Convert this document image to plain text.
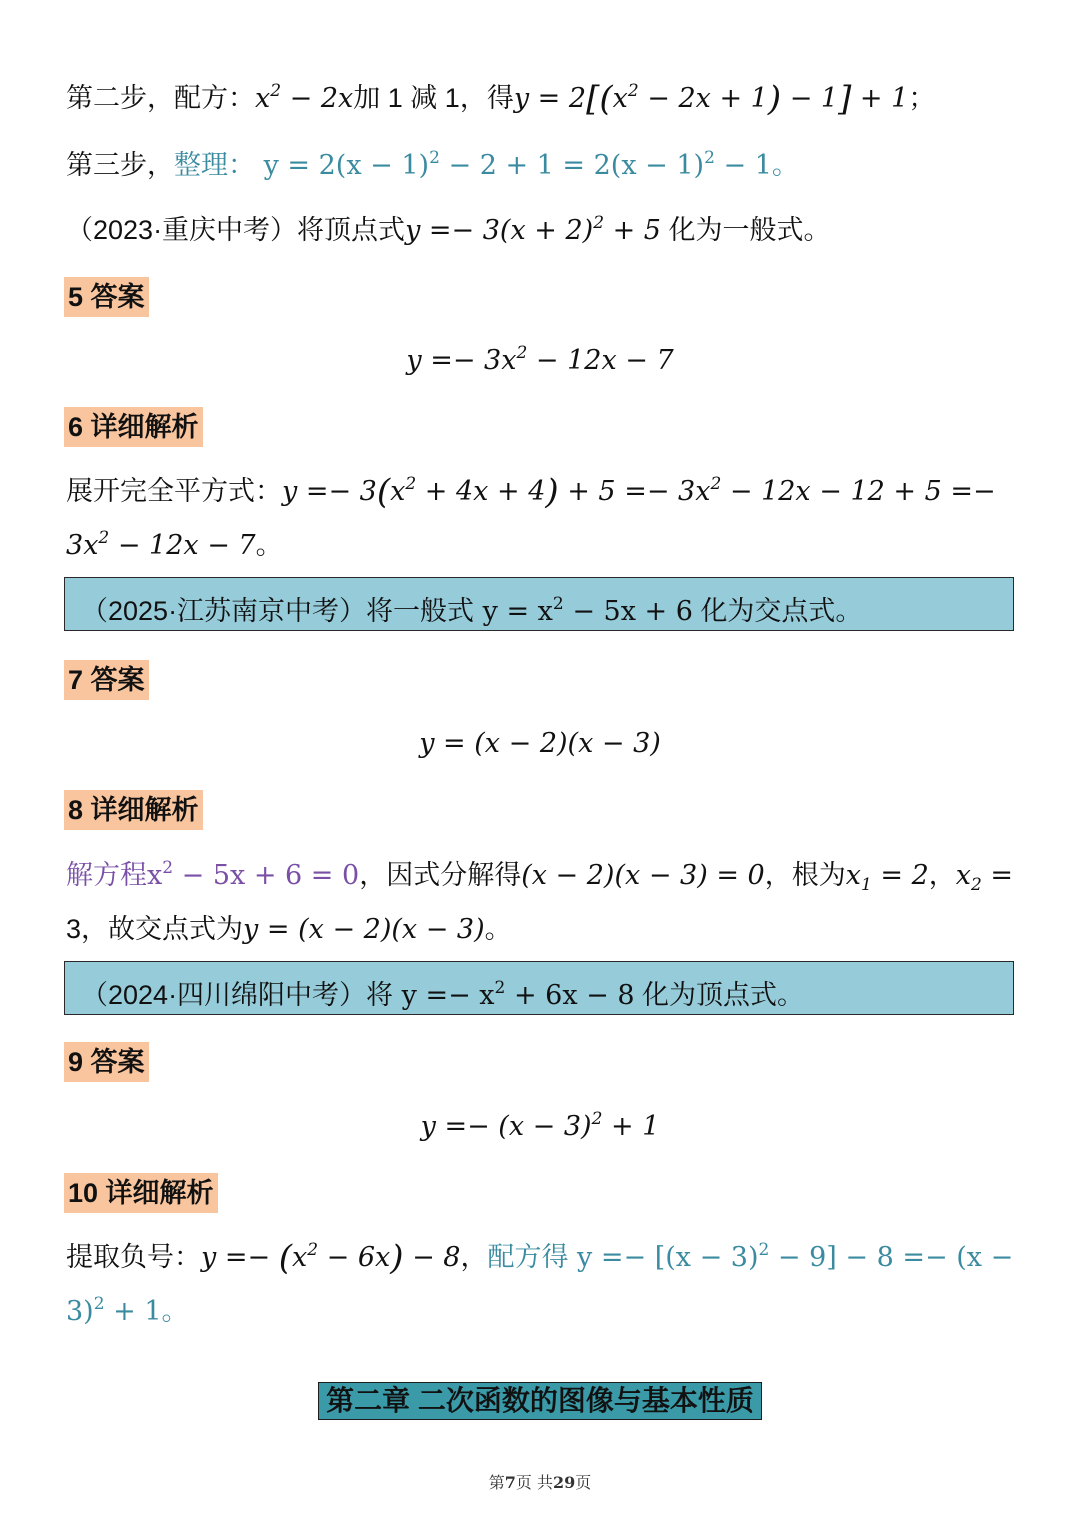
第二步，配方：$x^2 - 2x$加 1 减 1，得$y = 2[(x^2 - 2x + 1) - 1] + 1$；
第三步，整理： $y = 2(x - 1)^2 - 2 + 1 = 2(x - 1)^2 - 1$。
（2023·重庆中考）将顶点式$y =- 3(x + 2)^2 + 5$ 化为一般式。
5 答案
$y =- 3x^2 - 12x - 7$
6 详细解析
展开完全平方式：$y =- 3(x^2 + 4x + 4) + 5 =- 3x^2 - 12x - 12 + 5$ =−
$3x^2 - 12x - 7$。
（2025·江苏南京中考）将一般式 $y = x^2 - 5x + 6$ 化为交点式。
7 答案
y = (x − 2)(x − 3)
8 详细解析
解方程$x^2 - 5x + 6 = 0$，因式分解得(x − 2)(x − 3) = 0，根为$x_1 = 2$，$x_2$ =
3，故交点式为y = (x − 2)(x − 3)。
（2024·四川绵阳中考）将 $y =- x^2 + 6x - 8$ 化为顶点式。
9 答案
$y =- (x - 3)^2 + 1$
10 详细解析
提取负号：$y =- (x^2 - 6x) - 8$，配方得 $y =- [(x - 3)^2 - 9] - 8 =- (x$ −
3)$^2$ + 1。
第二章 二次函数的图像与基本性质
第7页 共29页
